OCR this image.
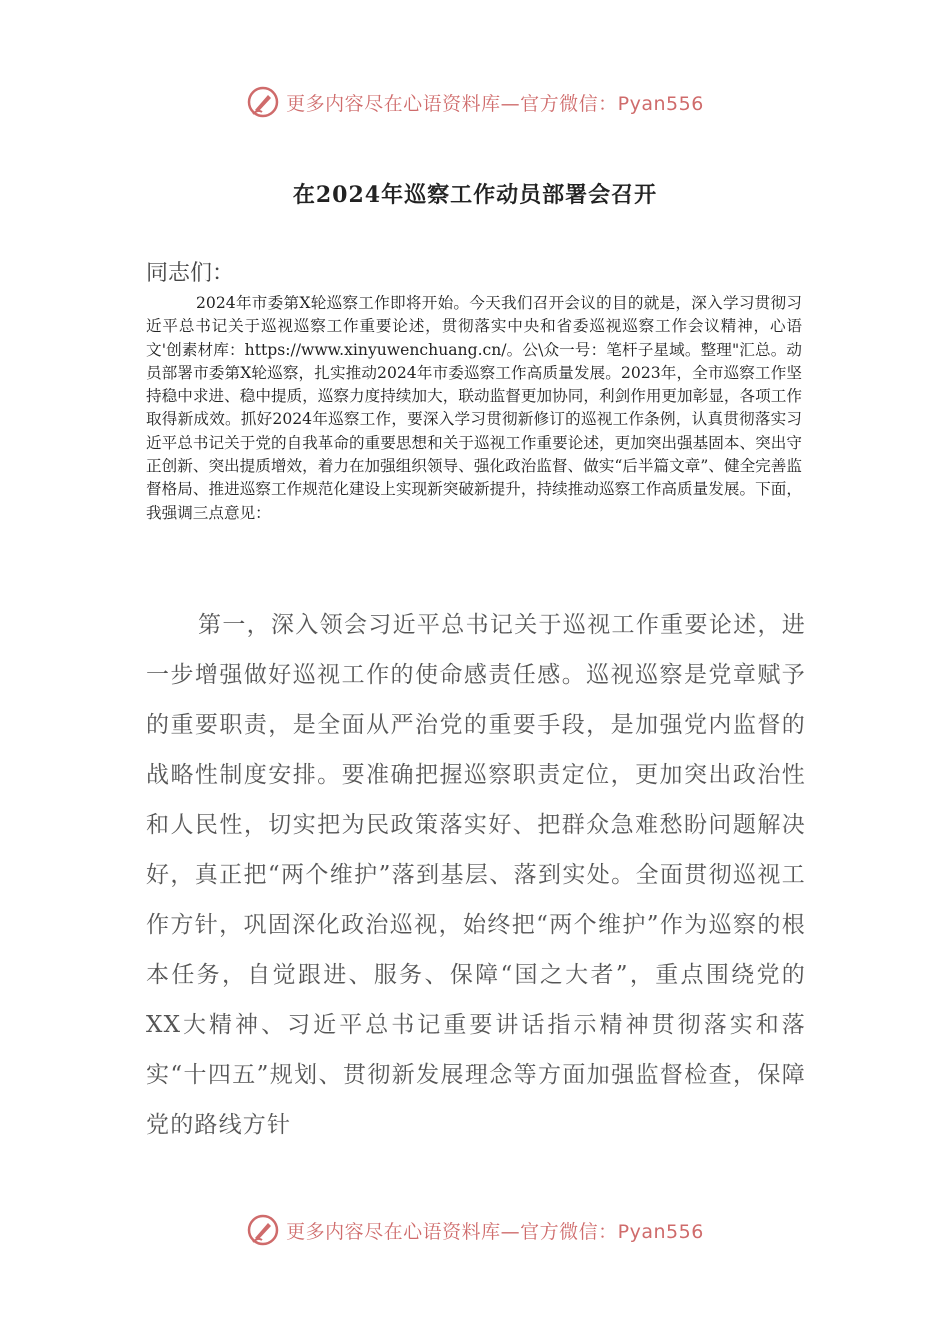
更多内容尽在心语资料库—官方微信：Pyan556
在2024年巡察工作动员部署会召开
同志们：

2024年市委第X轮巡察工作即将开始。今天我们召开会议的目的就是，深入学习贯彻习近平总书记关于巡视巡察工作重要论述，贯彻落实中央和省委巡视巡察工作会议精神，心语文'创素材库：https://www.xinyuwenchuang.cn/。公\众一号：笔杆子星域。整理"汇总。动员部署市委第X轮巡察，扎实推动2024年市委巡察工作高质量发展。2023年，全市巡察工作坚持稳中求进、稳中提质，巡察力度持续加大，联动监督更加协同，利剑作用更加彰显，各项工作取得新成效。抓好2024年巡察工作，要深入学习贯彻新修订的巡视工作条例，认真贯彻落实习近平总书记关于党的自我革命的重要思想和关于巡视工作重要论述，更加突出强基固本、突出守正创新、突出提质增效，着力在加强组织领导、强化政治监督、做实“后半篇文章”、健全完善监督格局、推进巡察工作规范化建设上实现新突破新提升，持续推动巡察工作高质量发展。下面，我强调三点意见：

第一，深入领会习近平总书记关于巡视工作重要论述，进一步增强做好巡视工作的使命感责任感。巡视巡察是党章赋予的重要职责，是全面从严治党的重要手段，是加强党内监督的战略性制度安排。要准确把握巡察职责定位，更加突出政治性和人民性，切实把为民政策落实好、把群众急难愁盼问题解决好，真正把“两个维护”落到基层、落到实处。全面贯彻巡视工作方针，巩固深化政治巡视，始终把“两个维护”作为巡察的根本任务，自觉跟进、服务、保障“国之大者”，重点围绕党的XX大精神、习近平总书记重要讲话指示精神贯彻落实和落实“十四五”规划、贯彻新发展理念等方面加强监督检查，保障党的路线方针

更多内容尽在心语资料库—官方微信：Pyan556
